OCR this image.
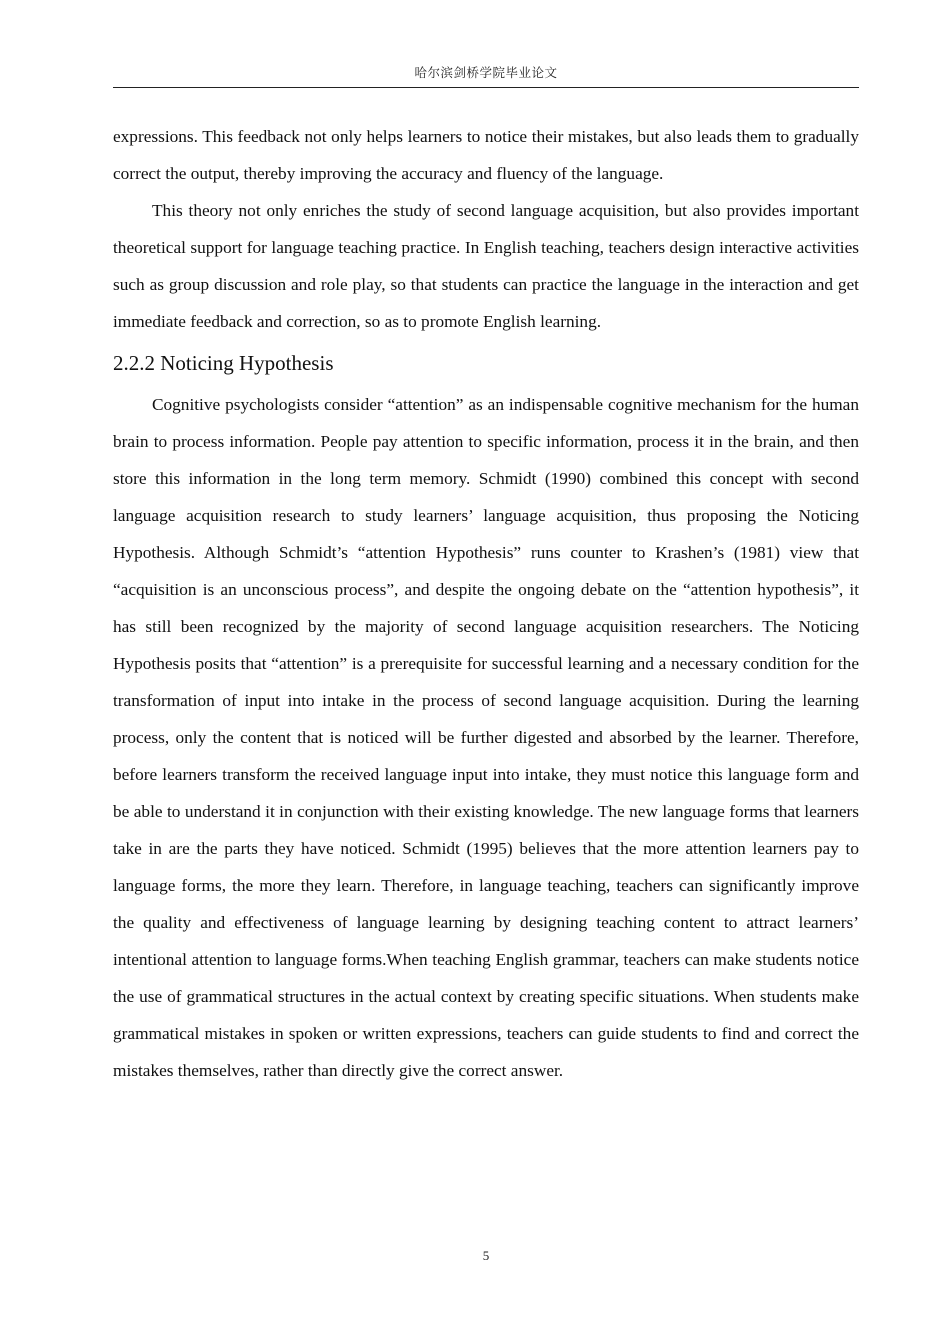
哈尔滨剑桥学院毕业论文

expressions. This feedback not only helps learners to notice their mistakes, but also leads them to gradually correct the output, thereby improving the accuracy and fluency of the language.

This theory not only enriches the study of second language acquisition, but also provides important theoretical support for language teaching practice. In English teaching, teachers design interactive activities such as group discussion and role play, so that students can practice the language in the interaction and get immediate feedback and correction, so as to promote English learning.

2.2.2 Noticing Hypothesis

Cognitive psychologists consider “attention” as an indispensable cognitive mechanism for the human brain to process information. People pay attention to specific information, process it in the brain, and then store this information in the long term memory. Schmidt (1990) combined this concept with second language acquisition research to study learners’ language acquisition, thus proposing the Noticing Hypothesis. Although Schmidt’s “attention Hypothesis” runs counter to Krashen’s (1981) view that “acquisition is an unconscious process”, and despite the ongoing debate on the “attention hypothesis”, it has still been recognized by the majority of second language acquisition researchers. The Noticing Hypothesis posits that “attention” is a prerequisite for successful learning and a necessary condition for the transformation of input into intake in the process of second language acquisition. During the learning process, only the content that is noticed will be further digested and absorbed by the learner. Therefore, before learners transform the received language input into intake, they must notice this language form and be able to understand it in conjunction with their existing knowledge. The new language forms that learners take in are the parts they have noticed. Schmidt (1995) believes that the more attention learners pay to language forms, the more they learn. Therefore, in language teaching, teachers can significantly improve the quality and effectiveness of language learning by designing teaching content to attract learners’ intentional attention to language forms.When teaching English grammar, teachers can make students notice the use of grammatical structures in the actual context by creating specific situations. When students make grammatical mistakes in spoken or written expressions, teachers can guide students to find and correct the mistakes themselves, rather than directly give the correct answer.

5
